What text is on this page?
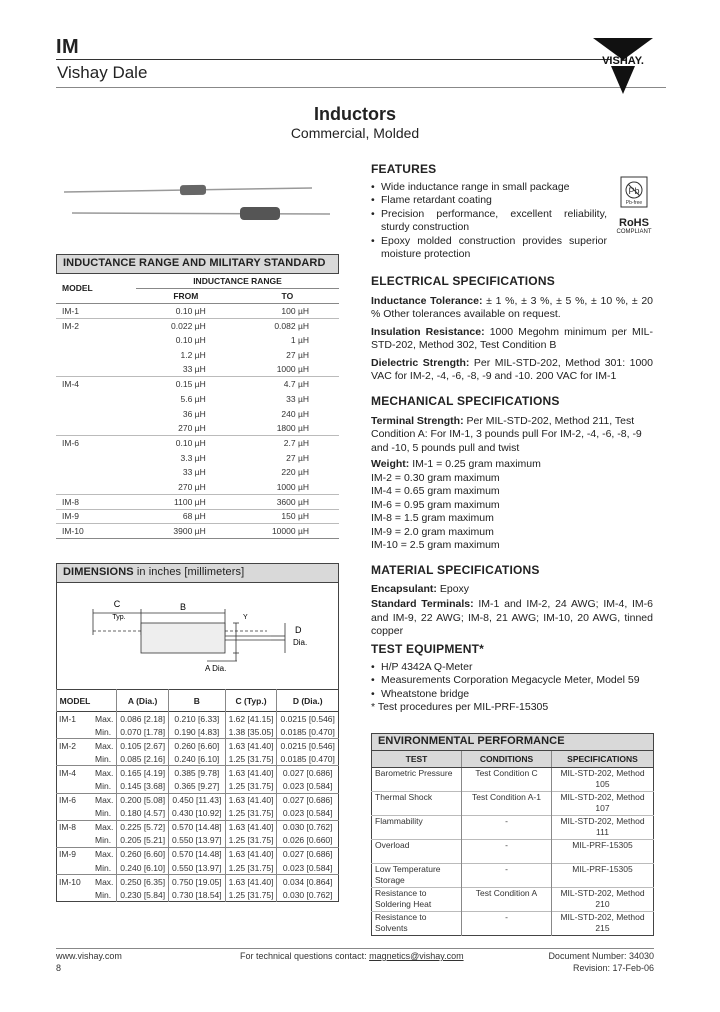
IM
Vishay Dale
VISHAY.
Inductors
Commercial, Molded
INDUCTANCE RANGE AND MILITARY STANDARD
MODEL	INDUCTANCE RANGE	
	FROM	TO
IM-1	0.10 µH	100 µH
IM-2	0.022 µH	0.082 µH
	0.10 µH	1 µH
	1.2 µH	27 µH
	33 µH	1000 µH
IM-4	0.15 µH	4.7 µH
	5.6 µH	33 µH
	36 µH	240 µH
	270 µH	1800 µH
IM-6	0.10 µH	2.7 µH
	3.3 µH	27 µH
	33 µH	220 µH
	270 µH	1000 µH
IM-8	1100 µH	3600 µH
IM-9	68 µH	150 µH
IM-10	3900 µH	10000 µH
DIMENSIONS in inches [millimeters]
C
Typ.
B
Y
D
Dia.
A Dia.
MODEL		A (Dia.)	B	C (Typ.)	D (Dia.)
IM-1	Max.	0.086 [2.18]	0.210 [6.33]	1.62 [41.15]	0.0215 [0.546]
	Min.	0.070 [1.78]	0.190 [4.83]	1.38 [35.05]	0.0185 [0.470]
IM-2	Max.	0.105 [2.67]	0.260 [6.60]	1.63 [41.40]	0.0215 [0.546]
	Min.	0.085 [2.16]	0.240 [6.10]	1.25 [31.75]	0.0185 [0.470]
IM-4	Max.	0.165 [4.19]	0.385 [9.78]	1.63 [41.40]	0.027 [0.686]
	Min.	0.145 [3.68]	0.365 [9.27]	1.25 [31.75]	0.023 [0.584]
IM-6	Max.	0.200 [5.08]	0.450 [11.43]	1.63 [41.40]	0.027 [0.686]
	Min.	0.180 [4.57]	0.430 [10.92]	1.25 [31.75]	0.023 [0.584]
IM-8	Max.	0.225 [5.72]	0.570 [14.48]	1.63 [41.40]	0.030 [0.762]
	Min.	0.205 [5.21]	0.550 [13.97]	1.25 [31.75]	0.026 [0.660]
IM-9	Max.	0.260 [6.60]	0.570 [14.48]	1.63 [41.40]	0.027 [0.686]
	Min.	0.240 [6.10]	0.550 [13.97]	1.25 [31.75]	0.023 [0.584]
IM-10	Max.	0.250 [6.35]	0.750 [19.05]	1.63 [41.40]	0.034 [0.864]
	Min.	0.230 [5.84]	0.730 [18.54]	1.25 [31.75]	0.030 [0.762]
FEATURES
• Wide inductance range in small package
• Flame retardant coating
• Precision performance, excellent reliability, sturdy construction
• Epoxy molded construction provides superior moisture protection
Pb
Pb-free
RoHS
COMPLIANT
ELECTRICAL SPECIFICATIONS

Inductance Tolerance: ± 1 %, ± 3 %, ± 5 %, ± 10 %, ± 20 % Other tolerances available on request.

Insulation Resistance: 1000 Megohm minimum per MIL-STD-202, Method 302, Test Condition B

Dielectric Strength: Per MIL-STD-202, Method 301: 1000 VAC for IM-2, -4, -6, -8, -9 and -10. 200 VAC for IM-1

MECHANICAL SPECIFICATIONS

Terminal Strength: Per MIL-STD-202, Method 211, Test Condition A: For IM-1, 3 pounds pull For IM-2, -4, -6, -8, -9 and -10, 5 pounds pull and twist

Weight: IM-1 = 0.25 gram maximum
IM-2 = 0.30 gram maximum
IM-4 = 0.65 gram maximum
IM-6 = 0.95 gram maximum
IM-8 = 1.5 gram maximum
IM-9 = 2.0 gram maximum
IM-10 = 2.5 gram maximum
MATERIAL SPECIFICATIONS

Encapsulant: Epoxy

Standard Terminals: IM-1 and IM-2, 24 AWG; IM-4, IM-6 and IM-9, 22 AWG; IM-8, 21 AWG; IM-10, 20 AWG, tinned copper

TEST EQUIPMENT*
• H/P 4342A Q-Meter
• Measurements Corporation Megacycle Meter, Model 59
• Wheatstone bridge
* Test procedures per MIL-PRF-15305
ENVIRONMENTAL PERFORMANCE
TEST	CONDITIONS	SPECIFICATIONS
Barometric Pressure	Test Condition C	MIL-STD-202, Method 105
Thermal Shock	Test Condition A-1	MIL-STD-202, Method 107
Flammability	-	MIL-STD-202, Method 111
Overload	-	MIL-PRF-15305
Low Temperature Storage	-	MIL-PRF-15305
Resistance to Soldering Heat	Test Condition A	MIL-STD-202, Method 210
Resistance to Solvents	-	MIL-STD-202, Method 215
www.vishay.com
8
For technical questions contact: magnetics@vishay.com	Document Number: 34030
Revision: 17-Feb-06
